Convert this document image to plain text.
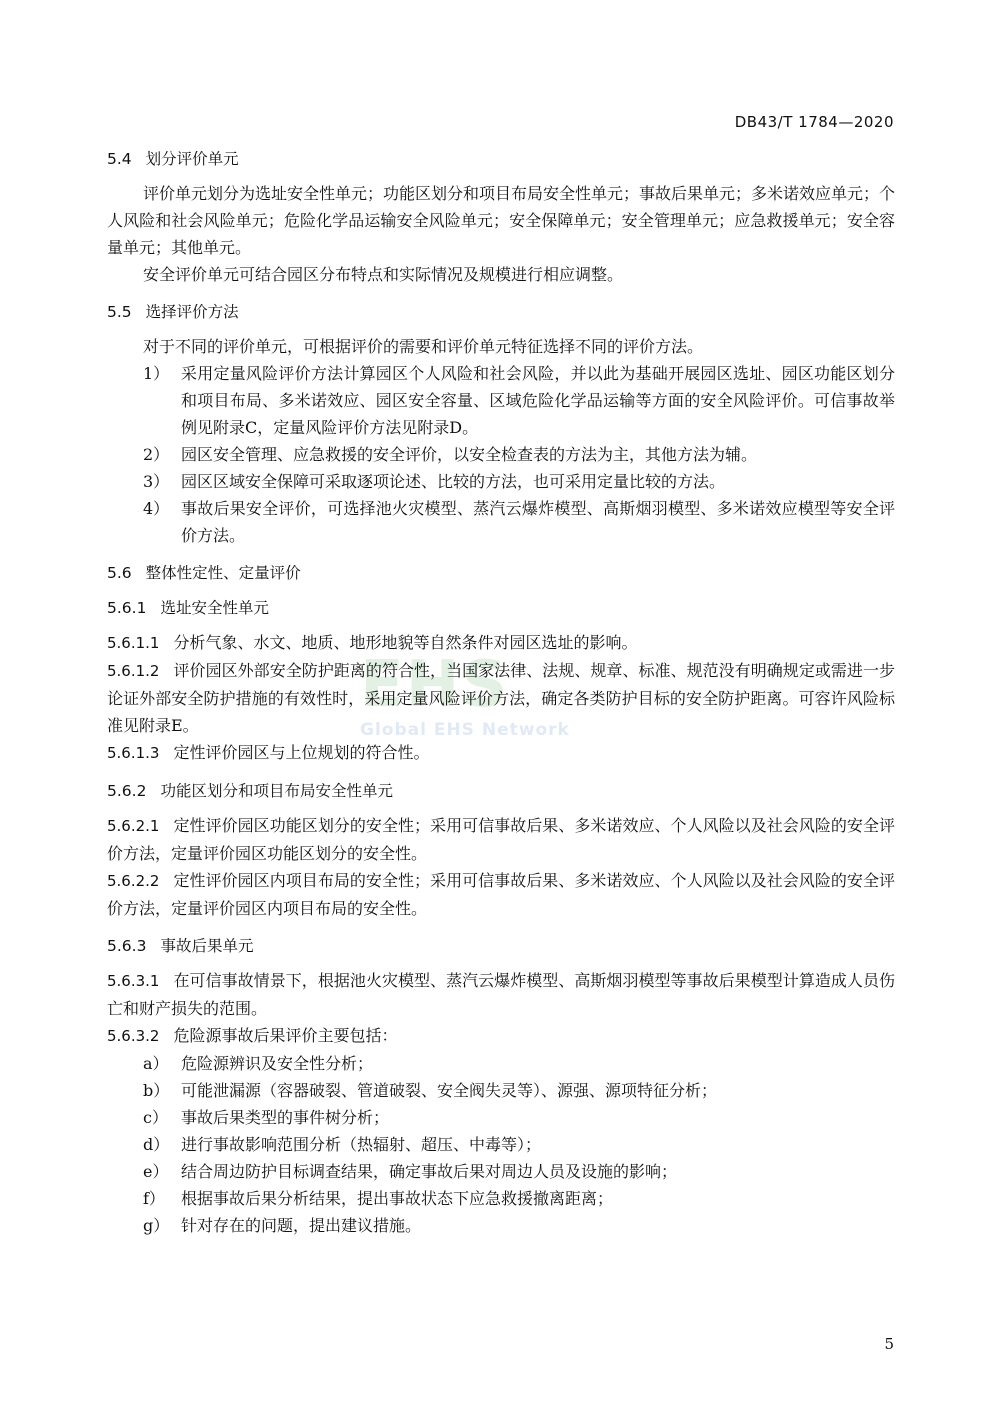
DB43/T 1784—2020
EHS
Global EHS Network
5.4 划分评价单元

评价单元划分为选址安全性单元；功能区划分和项目布局安全性单元；事故后果单元；多米诺效应单元；个人风险和社会风险单元；危险化学品运输安全风险单元；安全保障单元；安全管理单元；应急救援单元；安全容量单元；其他单元。

安全评价单元可结合园区分布特点和实际情况及规模进行相应调整。

5.5 选择评价方法

对于不同的评价单元，可根据评价的需要和评价单元特征选择不同的评价方法。

1） 采用定量风险评价方法计算园区个人风险和社会风险，并以此为基础开展园区选址、园区功能区划分和项目布局、多米诺效应、园区安全容量、区域危险化学品运输等方面的安全风险评价。可信事故举例见附录C，定量风险评价方法见附录D。
2） 园区安全管理、应急救援的安全评价，以安全检查表的方法为主，其他方法为辅。
3） 园区区域安全保障可采取逐项论述、比较的方法，也可采用定量比较的方法。
4） 事故后果安全评价，可选择池火灾模型、蒸汽云爆炸模型、高斯烟羽模型、多米诺效应模型等安全评价方法。
5.6 整体性定性、定量评价
5.6.1 选址安全性单元

5.6.1.1 分析气象、水文、地质、地形地貌等自然条件对园区选址的影响。

5.6.1.2 评价园区外部安全防护距离的符合性，当国家法律、法规、规章、标准、规范没有明确规定或需进一步论证外部安全防护措施的有效性时，采用定量风险评价方法，确定各类防护目标的安全防护距离。可容许风险标准见附录E。

5.6.1.3 定性评价园区与上位规划的符合性。

5.6.2 功能区划分和项目布局安全性单元

5.6.2.1 定性评价园区功能区划分的安全性；采用可信事故后果、多米诺效应、个人风险以及社会风险的安全评价方法，定量评价园区功能区划分的安全性。

5.6.2.2 定性评价园区内项目布局的安全性；采用可信事故后果、多米诺效应、个人风险以及社会风险的安全评价方法，定量评价园区内项目布局的安全性。

5.6.3 事故后果单元

5.6.3.1 在可信事故情景下，根据池火灾模型、蒸汽云爆炸模型、高斯烟羽模型等事故后果模型计算造成人员伤亡和财产损失的范围。

5.6.3.2 危险源事故后果评价主要包括：

a） 危险源辨识及安全性分析；
b） 可能泄漏源（容器破裂、管道破裂、安全阀失灵等）、源强、源项特征分析；
c） 事故后果类型的事件树分析；
d） 进行事故影响范围分析（热辐射、超压、中毒等）；
e） 结合周边防护目标调查结果，确定事故后果对周边人员及设施的影响；
f）	根据事故后果分析结果，提出事故状态下应急救援撤离距离；
g） 针对存在的问题，提出建议措施。
5
